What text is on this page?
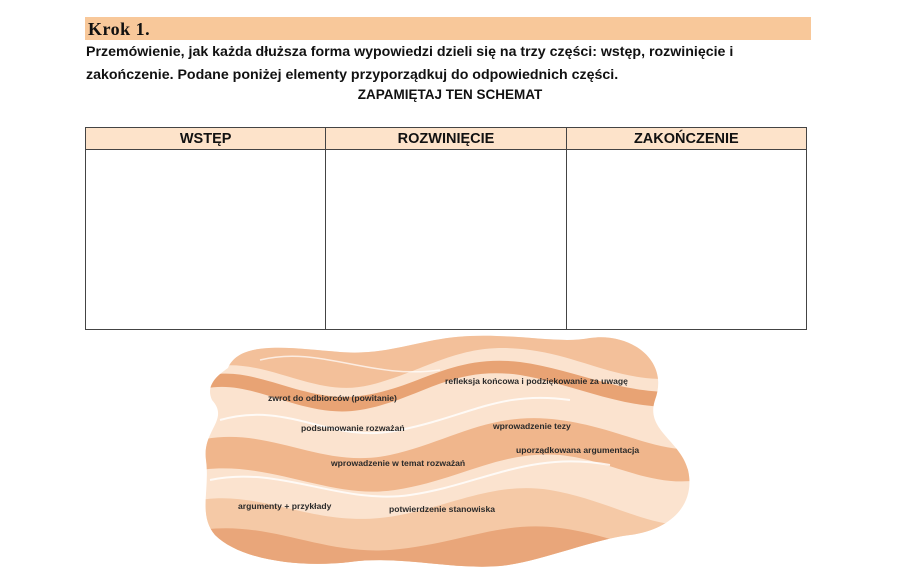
Krok 1.
Przemówienie, jak każda dłuższa forma wypowiedzi dzieli się na trzy części: wstęp, rozwinięcie i zakończenie. Podane poniżej elementy przyporządkuj do odpowiednich części.
ZAPAMIĘTAJ TEN SCHEMAT
WSTĘP	ROZWINIĘCIE	ZAKOŃCZENIE

refleksja końcowa i podziękowanie za uwagę
zwrot do odbiorców (powitanie)
podsumowanie rozważań	wprowadzenie tezy
uporządkowana argumentacja
wprowadzenie w temat rozważań
argumenty + przykłady	potwierdzenie stanowiska
